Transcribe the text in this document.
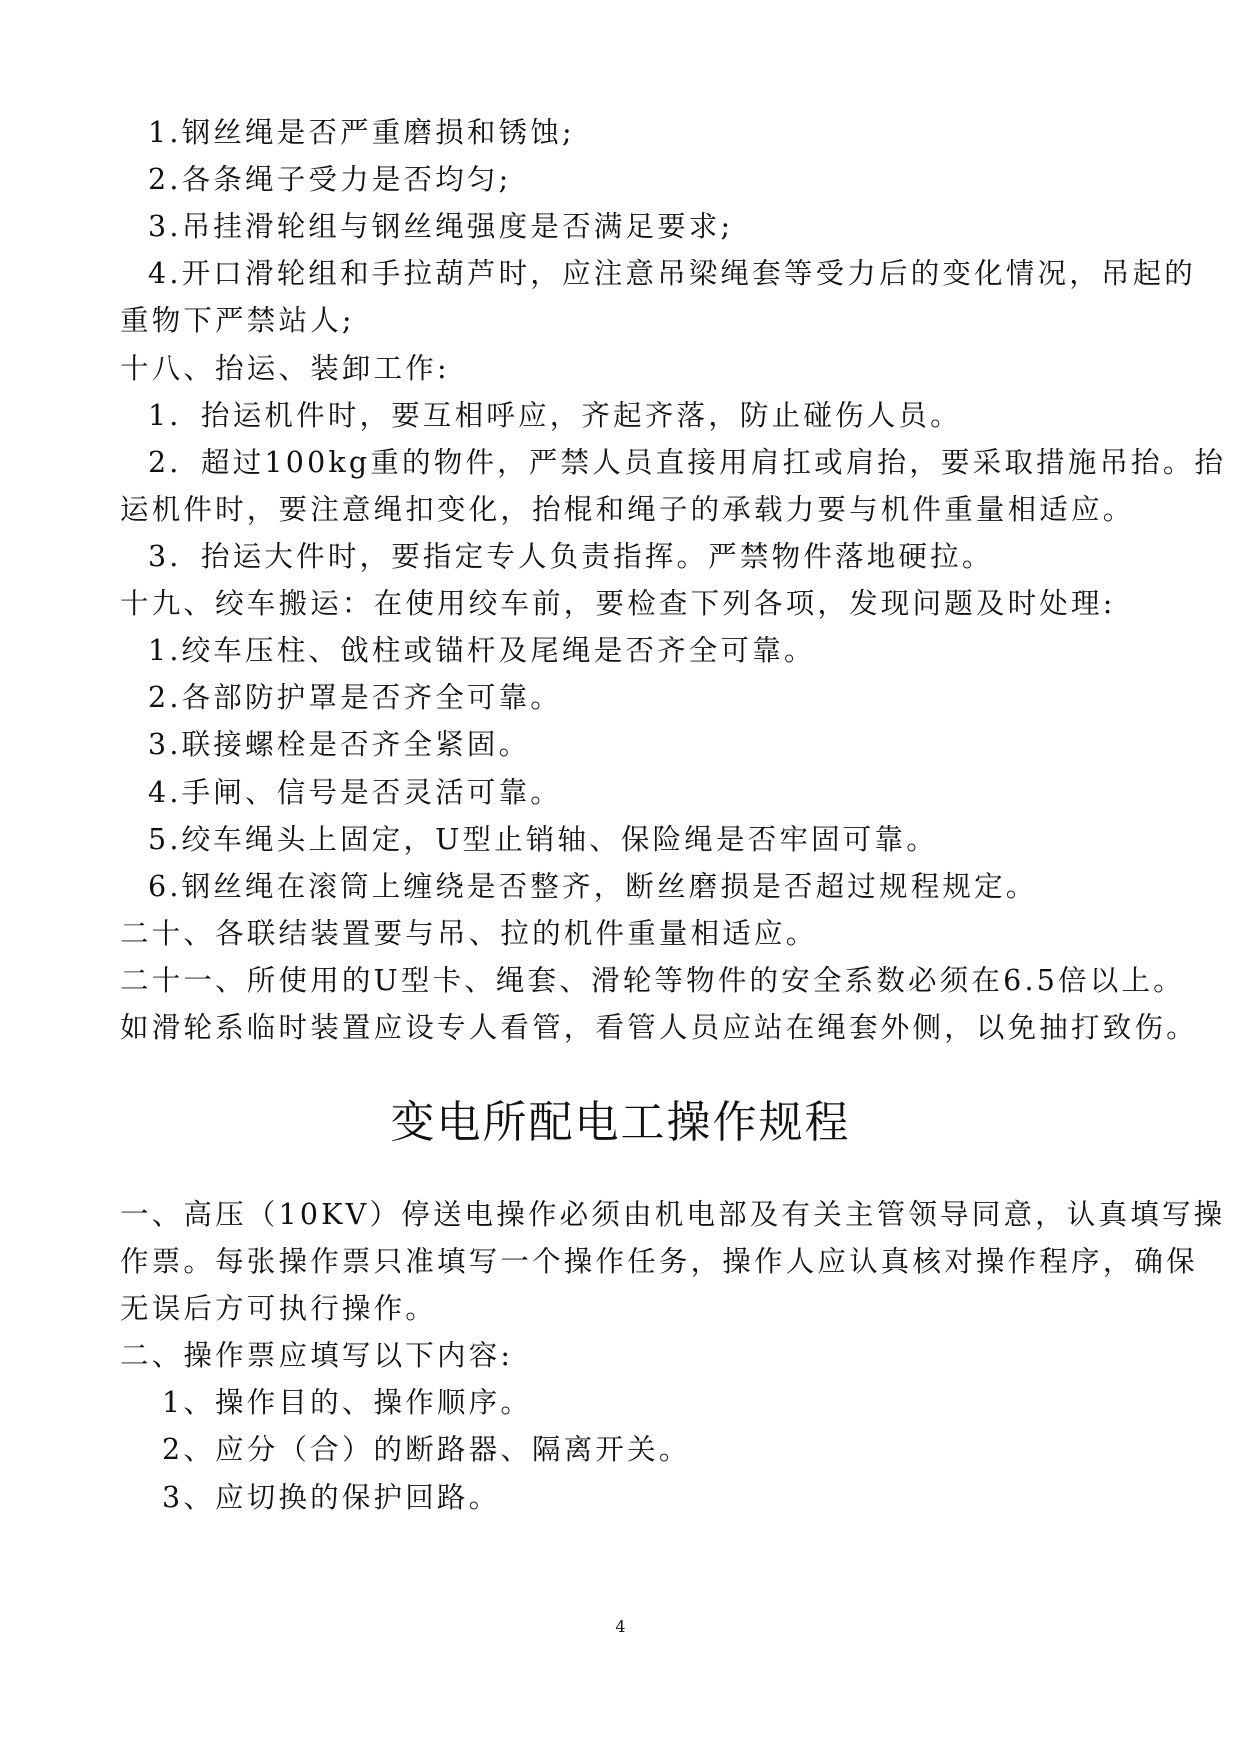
1.钢丝绳是否严重磨损和锈蚀;
2.各条绳子受力是否均匀;
3.吊挂滑轮组与钢丝绳强度是否满足要求;
4.开口滑轮组和手拉葫芦时，应注意吊梁绳套等受力后的变化情况，吊起的
重物下严禁站人;
十八、抬运、装卸工作:
1．抬运机件时，要互相呼应，齐起齐落，防止碰伤人员。
2．超过100kg重的物件，严禁人员直接用肩扛或肩抬，要采取措施吊抬。抬
运机件时，要注意绳扣变化，抬棍和绳子的承载力要与机件重量相适应。
3．抬运大件时，要指定专人负责指挥。严禁物件落地硬拉。
十九、绞车搬运：在使用绞车前，要检查下列各项，发现问题及时处理:
1.绞车压柱、戗柱或锚杆及尾绳是否齐全可靠。
2.各部防护罩是否齐全可靠。
3.联接螺栓是否齐全紧固。
4.手闸、信号是否灵活可靠。
5.绞车绳头上固定，U型止销轴、保险绳是否牢固可靠。
6.钢丝绳在滚筒上缠绕是否整齐，断丝磨损是否超过规程规定。
二十、各联结装置要与吊、拉的机件重量相适应。
二十一、所使用的U型卡、绳套、滑轮等物件的安全系数必须在6.5倍以上。
如滑轮系临时装置应设专人看管，看管人员应站在绳套外侧，以免抽打致伤。
变电所配电工操作规程
一、高压（10KV）停送电操作必须由机电部及有关主管领导同意，认真填写操
作票。每张操作票只准填写一个操作任务，操作人应认真核对操作程序，确保
无误后方可执行操作。
二、操作票应填写以下内容:
1、操作目的、操作顺序。
2、应分（合）的断路器、隔离开关。
3、应切换的保护回路。
4
